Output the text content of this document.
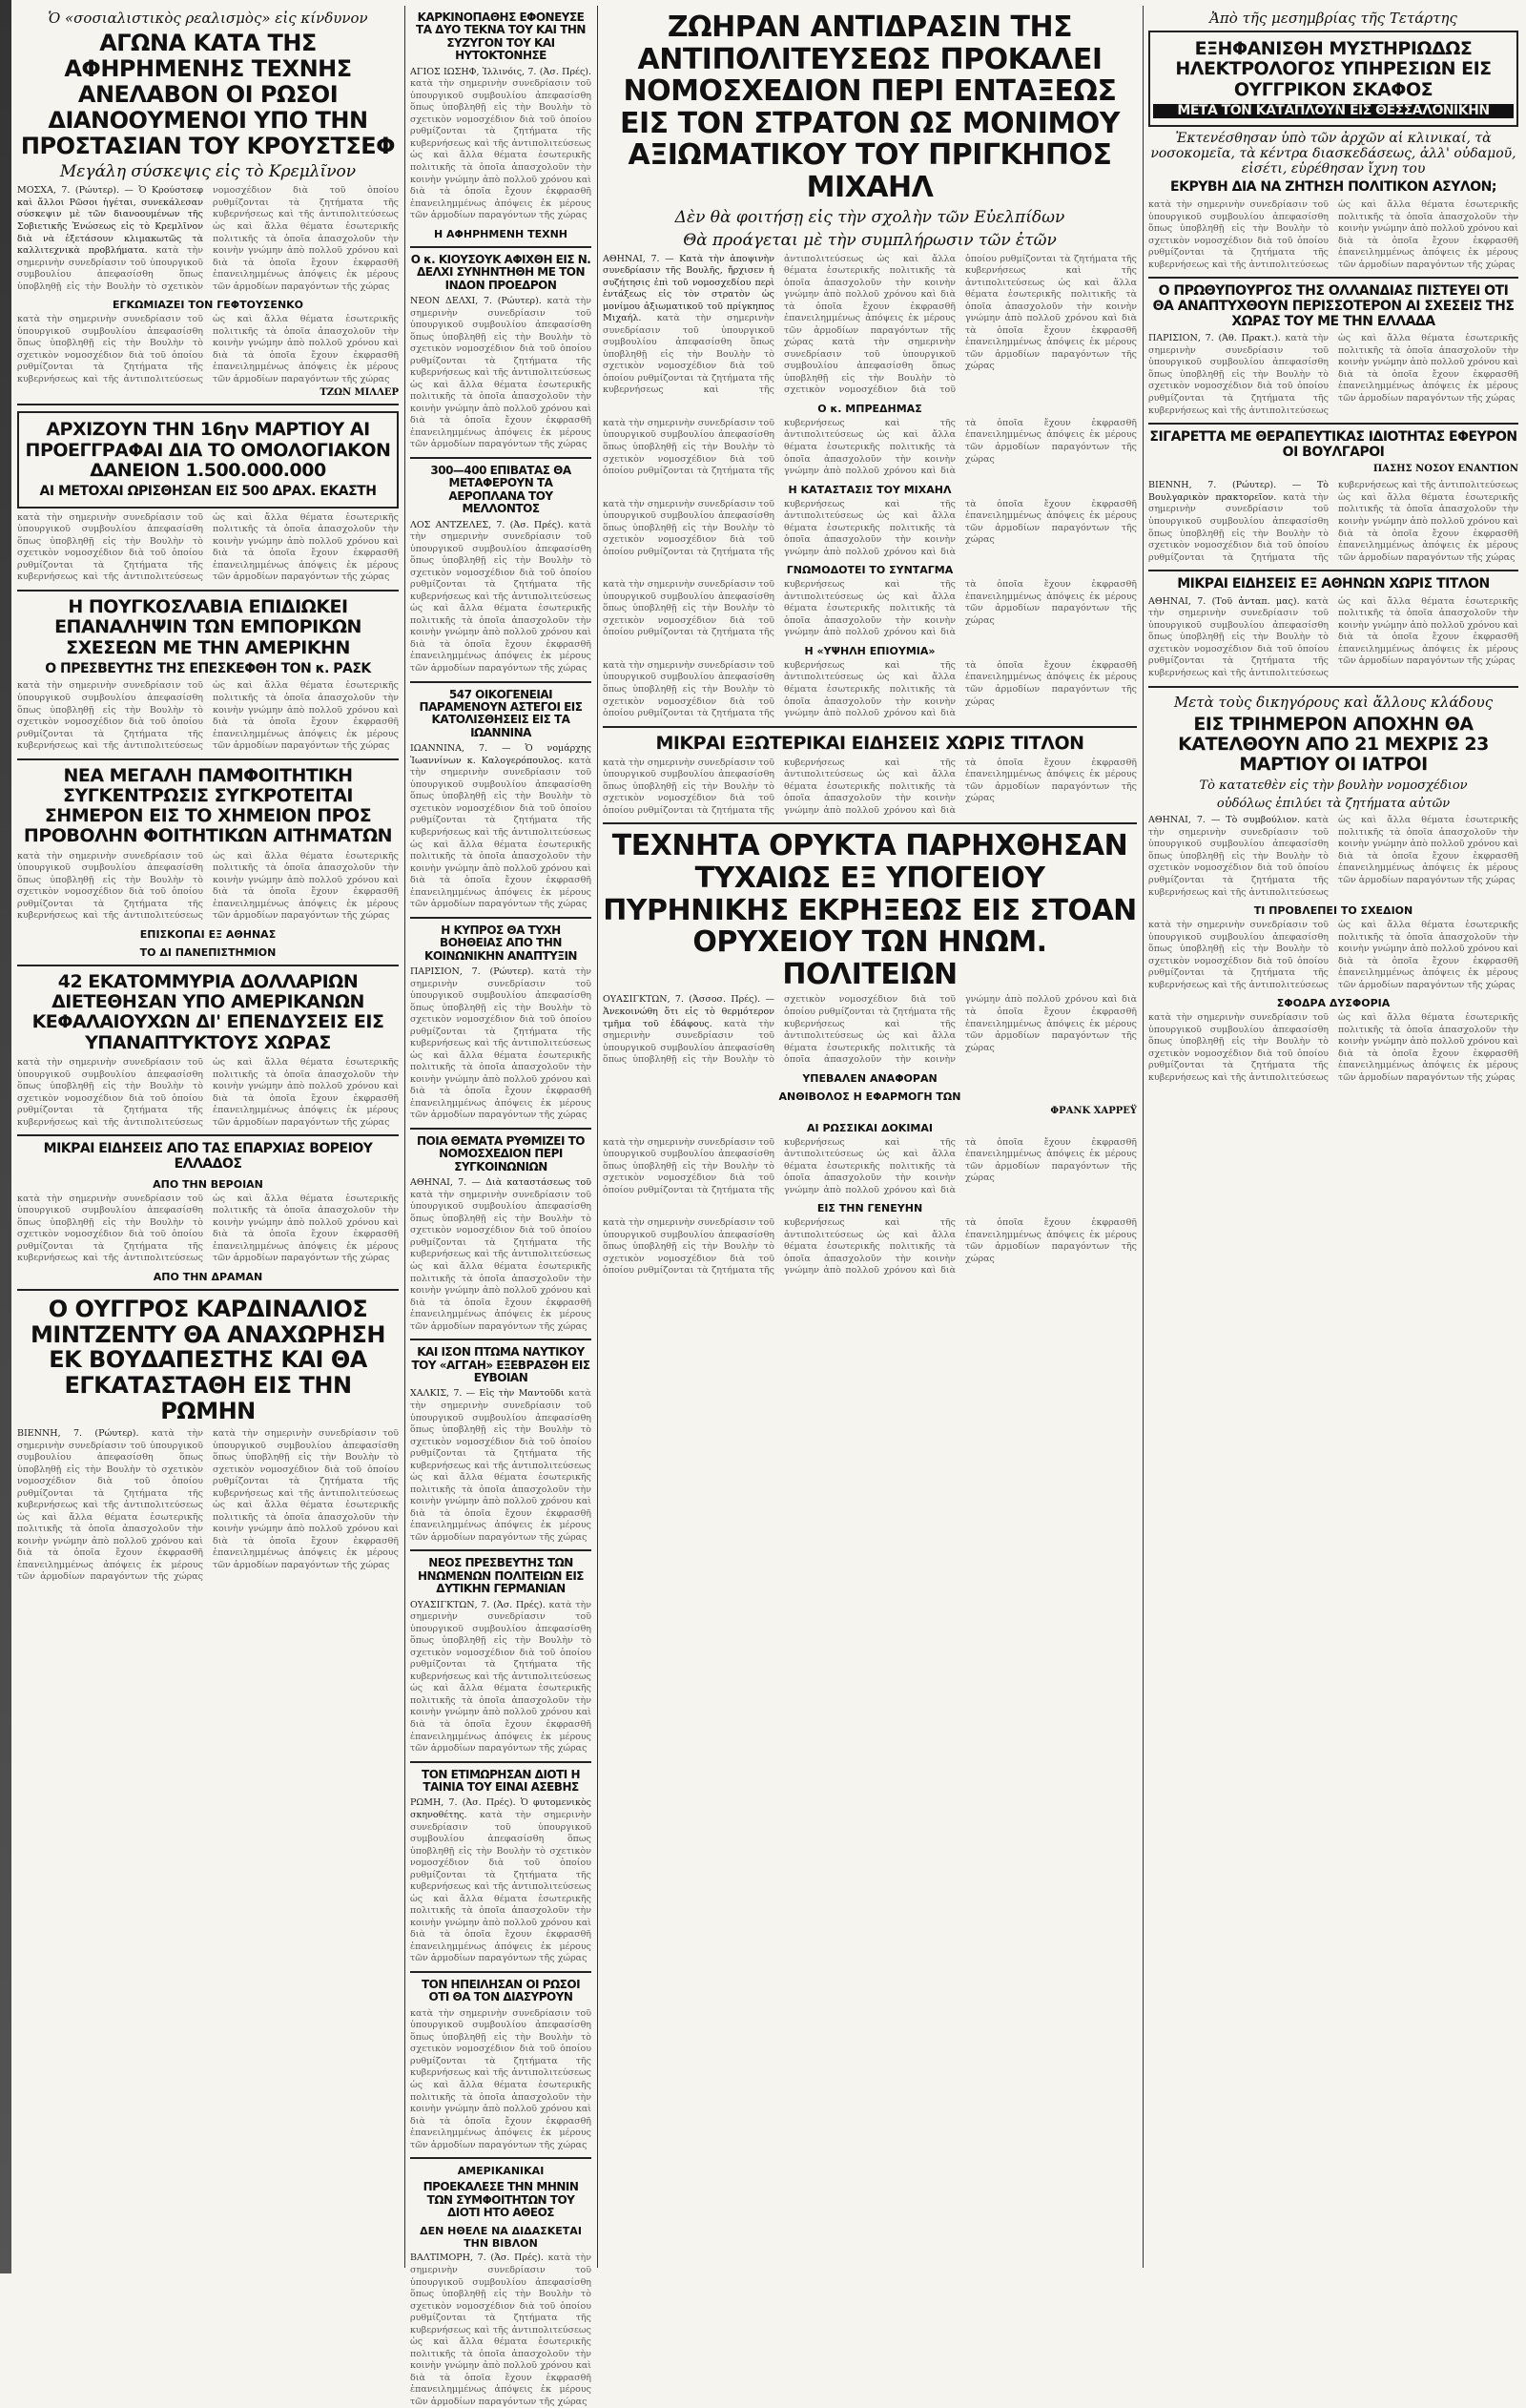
Ὁ «σοσιαλιστικὸς ρεαλισμὸς» εἰς κίνδυνον
ΑΓΩΝΑ ΚΑΤΑ ΤΗΣ ΑΦΗΡΗΜΕΝΗΣ ΤΕΧΝΗΣ ΑΝΕΛΑΒΟΝ ΟΙ ΡΩΣΟΙ ΔΙΑΝΟΟΥΜΕΝΟΙ ΥΠΟ ΤΗΝ ΠΡΟΣΤΑΣΙΑΝ ΤΟΥ ΚΡΟΥΣΤΣΕΦ
Μεγάλη σύσκεψις εἰς τὸ Κρεμλῖνον

ΜΟΣΧΑ, 7. (Ρώυτερ). — Ὁ Κρούστσεφ καὶ ἄλλοι Ρῶσοι ἡγέται, συνεκάλεσαν σύσκεψιν μὲ τῶν διανοουμένων τῆς Σοβιετικῆς Ἑνώσεως εἰς τὸ Κρεμλῖνον διὰ νὰ ἐξετάσουν κλιμακωτῶς τὰ καλλιτεχνικὰ προβλήματα. κατὰ τὴν σημερινὴν συνεδρίασιν τοῦ ὑπουργικοῦ συμβουλίου ἀπεφασίσθη ὅπως ὑποβληθῇ εἰς τὴν Βουλὴν τὸ σχετικὸν νομοσχέδιον διὰ τοῦ ὁποίου ρυθμίζονται τὰ ζητήματα τῆς κυβερνήσεως καὶ τῆς ἀντιπολιτεύσεως ὡς καὶ ἄλλα θέματα ἐσωτερικῆς πολιτικῆς τὰ ὁποῖα ἀπασχολοῦν τὴν κοινὴν γνώμην ἀπὸ πολλοῦ χρόνου καὶ διὰ τὰ ὁποῖα ἔχουν ἐκφρασθῆ ἐπανειλημμένως ἀπόψεις ἐκ μέρους τῶν ἁρμοδίων παραγόντων τῆς χώρας

ΕΓΚΩΜΙΑΖΕΙ ΤΟΝ ΓΕΦΤΟΥΣΕΝΚΟ

κατὰ τὴν σημερινὴν συνεδρίασιν τοῦ ὑπουργικοῦ συμβουλίου ἀπεφασίσθη ὅπως ὑποβληθῇ εἰς τὴν Βουλὴν τὸ σχετικὸν νομοσχέδιον διὰ τοῦ ὁποίου ρυθμίζονται τὰ ζητήματα τῆς κυβερνήσεως καὶ τῆς ἀντιπολιτεύσεως ὡς καὶ ἄλλα θέματα ἐσωτερικῆς πολιτικῆς τὰ ὁποῖα ἀπασχολοῦν τὴν κοινὴν γνώμην ἀπὸ πολλοῦ χρόνου καὶ διὰ τὰ ὁποῖα ἔχουν ἐκφρασθῆ ἐπανειλημμένως ἀπόψεις ἐκ μέρους τῶν ἁρμοδίων παραγόντων τῆς χώρας

ΤΖΩΝ ΜΙΛΛΕΡ
ΑΡΧΙΖΟΥΝ ΤΗΝ 16ην ΜΑΡΤΙΟΥ ΑΙ ΠΡΟΕΓΓΡΑΦΑΙ ΔΙΑ ΤΟ ΟΜΟΛΟΓΙΑΚΟΝ ΔΑΝΕΙΟΝ 1.500.000.000
ΑΙ ΜΕΤΟΧΑΙ ΩΡΙΣΘΗΣΑΝ ΕΙΣ 500 ΔΡΑΧ. ΕΚΑΣΤΗ

κατὰ τὴν σημερινὴν συνεδρίασιν τοῦ ὑπουργικοῦ συμβουλίου ἀπεφασίσθη ὅπως ὑποβληθῇ εἰς τὴν Βουλὴν τὸ σχετικὸν νομοσχέδιον διὰ τοῦ ὁποίου ρυθμίζονται τὰ ζητήματα τῆς κυβερνήσεως καὶ τῆς ἀντιπολιτεύσεως ὡς καὶ ἄλλα θέματα ἐσωτερικῆς πολιτικῆς τὰ ὁποῖα ἀπασχολοῦν τὴν κοινὴν γνώμην ἀπὸ πολλοῦ χρόνου καὶ διὰ τὰ ὁποῖα ἔχουν ἐκφρασθῆ ἐπανειλημμένως ἀπόψεις ἐκ μέρους τῶν ἁρμοδίων παραγόντων τῆς χώρας

Η ΠΟΥΓΚΟΣΛΑΒΙΑ ΕΠΙΔΙΩΚΕΙ ΕΠΑΝΑΛΗΨΙΝ ΤΩΝ ΕΜΠΟΡΙΚΩΝ ΣΧΕΣΕΩΝ ΜΕ ΤΗΝ ΑΜΕΡΙΚΗΝ
Ο ΠΡΕΣΒΕΥΤΗΣ ΤΗΣ ΕΠΕΣΚΕΦΘΗ ΤΟΝ κ. ΡΑΣΚ

κατὰ τὴν σημερινὴν συνεδρίασιν τοῦ ὑπουργικοῦ συμβουλίου ἀπεφασίσθη ὅπως ὑποβληθῇ εἰς τὴν Βουλὴν τὸ σχετικὸν νομοσχέδιον διὰ τοῦ ὁποίου ρυθμίζονται τὰ ζητήματα τῆς κυβερνήσεως καὶ τῆς ἀντιπολιτεύσεως ὡς καὶ ἄλλα θέματα ἐσωτερικῆς πολιτικῆς τὰ ὁποῖα ἀπασχολοῦν τὴν κοινὴν γνώμην ἀπὸ πολλοῦ χρόνου καὶ διὰ τὰ ὁποῖα ἔχουν ἐκφρασθῆ ἐπανειλημμένως ἀπόψεις ἐκ μέρους τῶν ἁρμοδίων παραγόντων τῆς χώρας

ΝΕΑ ΜΕΓΑΛΗ ΠΑΜΦΟΙΤΗΤΙΚΗ ΣΥΓΚΕΝΤΡΩΣΙΣ ΣΥΓΚΡΟΤΕΙΤΑΙ ΣΗΜΕΡΟΝ ΕΙΣ ΤΟ ΧΗΜΕΙΟΝ ΠΡΟΣ ΠΡΟΒΟΛΗΝ ΦΟΙΤΗΤΙΚΩΝ ΑΙΤΗΜΑΤΩΝ

κατὰ τὴν σημερινὴν συνεδρίασιν τοῦ ὑπουργικοῦ συμβουλίου ἀπεφασίσθη ὅπως ὑποβληθῇ εἰς τὴν Βουλὴν τὸ σχετικὸν νομοσχέδιον διὰ τοῦ ὁποίου ρυθμίζονται τὰ ζητήματα τῆς κυβερνήσεως καὶ τῆς ἀντιπολιτεύσεως ὡς καὶ ἄλλα θέματα ἐσωτερικῆς πολιτικῆς τὰ ὁποῖα ἀπασχολοῦν τὴν κοινὴν γνώμην ἀπὸ πολλοῦ χρόνου καὶ διὰ τὰ ὁποῖα ἔχουν ἐκφρασθῆ ἐπανειλημμένως ἀπόψεις ἐκ μέρους τῶν ἁρμοδίων παραγόντων τῆς χώρας

ΕΠΙΣΚΟΠΑΙ ΕΞ ΑΘΗΝΑΣ
ΤΟ ΔΙ ΠΑΝΕΠΙΣΤΗΜΙΟΝ
42 ΕΚΑΤΟΜΜΥΡΙΑ ΔΟΛΛΑΡΙΩΝ ΔΙΕΤΕΘΗΣΑΝ ΥΠΟ ΑΜΕΡΙΚΑΝΩΝ ΚΕΦΑΛΑΙΟΥΧΩΝ ΔΙ' ΕΠΕΝΔΥΣΕΙΣ ΕΙΣ ΥΠΑΝΑΠΤΥΚΤΟΥΣ ΧΩΡΑΣ

κατὰ τὴν σημερινὴν συνεδρίασιν τοῦ ὑπουργικοῦ συμβουλίου ἀπεφασίσθη ὅπως ὑποβληθῇ εἰς τὴν Βουλὴν τὸ σχετικὸν νομοσχέδιον διὰ τοῦ ὁποίου ρυθμίζονται τὰ ζητήματα τῆς κυβερνήσεως καὶ τῆς ἀντιπολιτεύσεως ὡς καὶ ἄλλα θέματα ἐσωτερικῆς πολιτικῆς τὰ ὁποῖα ἀπασχολοῦν τὴν κοινὴν γνώμην ἀπὸ πολλοῦ χρόνου καὶ διὰ τὰ ὁποῖα ἔχουν ἐκφρασθῆ ἐπανειλημμένως ἀπόψεις ἐκ μέρους τῶν ἁρμοδίων παραγόντων τῆς χώρας

ΜΙΚΡΑΙ ΕΙΔΗΣΕΙΣ ΑΠΟ ΤΑΣ ΕΠΑΡΧΙΑΣ ΒΟΡΕΙΟΥ ΕΛΛΑΔΟΣ
ΑΠΟ ΤΗΝ ΒΕΡΟΙΑΝ

κατὰ τὴν σημερινὴν συνεδρίασιν τοῦ ὑπουργικοῦ συμβουλίου ἀπεφασίσθη ὅπως ὑποβληθῇ εἰς τὴν Βουλὴν τὸ σχετικὸν νομοσχέδιον διὰ τοῦ ὁποίου ρυθμίζονται τὰ ζητήματα τῆς κυβερνήσεως καὶ τῆς ἀντιπολιτεύσεως ὡς καὶ ἄλλα θέματα ἐσωτερικῆς πολιτικῆς τὰ ὁποῖα ἀπασχολοῦν τὴν κοινὴν γνώμην ἀπὸ πολλοῦ χρόνου καὶ διὰ τὰ ὁποῖα ἔχουν ἐκφρασθῆ ἐπανειλημμένως ἀπόψεις ἐκ μέρους τῶν ἁρμοδίων παραγόντων τῆς χώρας

ΑΠΟ ΤΗΝ ΔΡΑΜΑΝ
Ο ΟΥΓΓΡΟΣ ΚΑΡΔΙΝΑΛΙΟΣ ΜΙΝΤΖΕΝΤΥ ΘΑ ΑΝΑΧΩΡΗΣΗ ΕΚ ΒΟΥΔΑΠΕΣΤΗΣ ΚΑΙ ΘΑ ΕΓΚΑΤΑΣΤΑΘΗ ΕΙΣ ΤΗΝ ΡΩΜΗΝ

ΒΙΕΝΝΗ, 7. (Ρώυτερ). κατὰ τὴν σημερινὴν συνεδρίασιν τοῦ ὑπουργικοῦ συμβουλίου ἀπεφασίσθη ὅπως ὑποβληθῇ εἰς τὴν Βουλὴν τὸ σχετικὸν νομοσχέδιον διὰ τοῦ ὁποίου ρυθμίζονται τὰ ζητήματα τῆς κυβερνήσεως καὶ τῆς ἀντιπολιτεύσεως ὡς καὶ ἄλλα θέματα ἐσωτερικῆς πολιτικῆς τὰ ὁποῖα ἀπασχολοῦν τὴν κοινὴν γνώμην ἀπὸ πολλοῦ χρόνου καὶ διὰ τὰ ὁποῖα ἔχουν ἐκφρασθῆ ἐπανειλημμένως ἀπόψεις ἐκ μέρους τῶν ἁρμοδίων παραγόντων τῆς χώρας κατὰ τὴν σημερινὴν συνεδρίασιν τοῦ ὑπουργικοῦ συμβουλίου ἀπεφασίσθη ὅπως ὑποβληθῇ εἰς τὴν Βουλὴν τὸ σχετικὸν νομοσχέδιον διὰ τοῦ ὁποίου ρυθμίζονται τὰ ζητήματα τῆς κυβερνήσεως καὶ τῆς ἀντιπολιτεύσεως ὡς καὶ ἄλλα θέματα ἐσωτερικῆς πολιτικῆς τὰ ὁποῖα ἀπασχολοῦν τὴν κοινὴν γνώμην ἀπὸ πολλοῦ χρόνου καὶ διὰ τὰ ὁποῖα ἔχουν ἐκφρασθῆ ἐπανειλημμένως ἀπόψεις ἐκ μέρους τῶν ἁρμοδίων παραγόντων τῆς χώρας

ΚΑΡΚΙΝΟΠΑΘΗΣ ΕΦΟΝΕΥΣΕ ΤΑ ΔΥΟ ΤΕΚΝΑ ΤΟΥ ΚΑΙ ΤΗΝ ΣΥΖΥΓΟΝ ΤΟΥ ΚΑΙ ΗΥΤΟΚΤΟΝΗΣΕ

ΑΓΙΟΣ ΙΩΣΗΦ, Ἰλλινόις, 7. (Ἀσ. Πρές). κατὰ τὴν σημερινὴν συνεδρίασιν τοῦ ὑπουργικοῦ συμβουλίου ἀπεφασίσθη ὅπως ὑποβληθῇ εἰς τὴν Βουλὴν τὸ σχετικὸν νομοσχέδιον διὰ τοῦ ὁποίου ρυθμίζονται τὰ ζητήματα τῆς κυβερνήσεως καὶ τῆς ἀντιπολιτεύσεως ὡς καὶ ἄλλα θέματα ἐσωτερικῆς πολιτικῆς τὰ ὁποῖα ἀπασχολοῦν τὴν κοινὴν γνώμην ἀπὸ πολλοῦ χρόνου καὶ διὰ τὰ ὁποῖα ἔχουν ἐκφρασθῆ ἐπανειλημμένως ἀπόψεις ἐκ μέρους τῶν ἁρμοδίων παραγόντων τῆς χώρας

Η ΑΦΗΡΗΜΕΝΗ ΤΕΧΝΗ
Ο κ. ΚΙΟΥΣΟΥΚ ΑΦΙΧΘΗ ΕΙΣ Ν. ΔΕΛΧΙ ΣΥΝΗΝΤΗΘΗ ΜΕ ΤΟΝ ΙΝΔΟΝ ΠΡΟΕΔΡΟΝ

ΝΕΟΝ ΔΕΛΧΙ, 7. (Ρώυτερ). κατὰ τὴν σημερινὴν συνεδρίασιν τοῦ ὑπουργικοῦ συμβουλίου ἀπεφασίσθη ὅπως ὑποβληθῇ εἰς τὴν Βουλὴν τὸ σχετικὸν νομοσχέδιον διὰ τοῦ ὁποίου ρυθμίζονται τὰ ζητήματα τῆς κυβερνήσεως καὶ τῆς ἀντιπολιτεύσεως ὡς καὶ ἄλλα θέματα ἐσωτερικῆς πολιτικῆς τὰ ὁποῖα ἀπασχολοῦν τὴν κοινὴν γνώμην ἀπὸ πολλοῦ χρόνου καὶ διὰ τὰ ὁποῖα ἔχουν ἐκφρασθῆ ἐπανειλημμένως ἀπόψεις ἐκ μέρους τῶν ἁρμοδίων παραγόντων τῆς χώρας

300—400 ΕΠΙΒΑΤΑΣ ΘΑ ΜΕΤΑΦΕΡΟΥΝ ΤΑ ΑΕΡΟΠΛΑΝΑ ΤΟΥ ΜΕΛΛΟΝΤΟΣ

ΛΟΣ ΑΝΤΖΕΛΕΣ, 7. (Ἀσ. Πρές). κατὰ τὴν σημερινὴν συνεδρίασιν τοῦ ὑπουργικοῦ συμβουλίου ἀπεφασίσθη ὅπως ὑποβληθῇ εἰς τὴν Βουλὴν τὸ σχετικὸν νομοσχέδιον διὰ τοῦ ὁποίου ρυθμίζονται τὰ ζητήματα τῆς κυβερνήσεως καὶ τῆς ἀντιπολιτεύσεως ὡς καὶ ἄλλα θέματα ἐσωτερικῆς πολιτικῆς τὰ ὁποῖα ἀπασχολοῦν τὴν κοινὴν γνώμην ἀπὸ πολλοῦ χρόνου καὶ διὰ τὰ ὁποῖα ἔχουν ἐκφρασθῆ ἐπανειλημμένως ἀπόψεις ἐκ μέρους τῶν ἁρμοδίων παραγόντων τῆς χώρας

547 ΟΙΚΟΓΕΝΕΙΑΙ ΠΑΡΑΜΕΝΟΥΝ ΑΣΤΕΓΟΙ ΕΙΣ ΚΑΤΟΛΙΣΘΗΣΕΙΣ ΕΙΣ ΤΑ ΙΩΑΝΝΙΝΑ

ΙΩΑΝΝΙΝΑ, 7. — Ὁ νομάρχης Ἰωαννίνων κ. Καλογερόπουλος. κατὰ τὴν σημερινὴν συνεδρίασιν τοῦ ὑπουργικοῦ συμβουλίου ἀπεφασίσθη ὅπως ὑποβληθῇ εἰς τὴν Βουλὴν τὸ σχετικὸν νομοσχέδιον διὰ τοῦ ὁποίου ρυθμίζονται τὰ ζητήματα τῆς κυβερνήσεως καὶ τῆς ἀντιπολιτεύσεως ὡς καὶ ἄλλα θέματα ἐσωτερικῆς πολιτικῆς τὰ ὁποῖα ἀπασχολοῦν τὴν κοινὴν γνώμην ἀπὸ πολλοῦ χρόνου καὶ διὰ τὰ ὁποῖα ἔχουν ἐκφρασθῆ ἐπανειλημμένως ἀπόψεις ἐκ μέρους τῶν ἁρμοδίων παραγόντων τῆς χώρας

Η ΚΥΠΡΟΣ ΘΑ ΤΥΧΗ ΒΟΗΘΕΙΑΣ ΑΠΟ ΤΗΝ ΚΟΙΝΩΝΙΚΗΝ ΑΝΑΠΤΥΞΙΝ

ΠΑΡΙΣΙΟΝ, 7. (Ρώυτερ). κατὰ τὴν σημερινὴν συνεδρίασιν τοῦ ὑπουργικοῦ συμβουλίου ἀπεφασίσθη ὅπως ὑποβληθῇ εἰς τὴν Βουλὴν τὸ σχετικὸν νομοσχέδιον διὰ τοῦ ὁποίου ρυθμίζονται τὰ ζητήματα τῆς κυβερνήσεως καὶ τῆς ἀντιπολιτεύσεως ὡς καὶ ἄλλα θέματα ἐσωτερικῆς πολιτικῆς τὰ ὁποῖα ἀπασχολοῦν τὴν κοινὴν γνώμην ἀπὸ πολλοῦ χρόνου καὶ διὰ τὰ ὁποῖα ἔχουν ἐκφρασθῆ ἐπανειλημμένως ἀπόψεις ἐκ μέρους τῶν ἁρμοδίων παραγόντων τῆς χώρας

ΠΟΙΑ ΘΕΜΑΤΑ ΡΥΘΜΙΖΕΙ ΤΟ ΝΟΜΟΣΧΕΔΙΟΝ ΠΕΡΙ ΣΥΓΚΟΙΝΩΝΙΩΝ

ΑΘΗΝΑΙ, 7. — Διὰ καταστάσεως τοῦ κατὰ τὴν σημερινὴν συνεδρίασιν τοῦ ὑπουργικοῦ συμβουλίου ἀπεφασίσθη ὅπως ὑποβληθῇ εἰς τὴν Βουλὴν τὸ σχετικὸν νομοσχέδιον διὰ τοῦ ὁποίου ρυθμίζονται τὰ ζητήματα τῆς κυβερνήσεως καὶ τῆς ἀντιπολιτεύσεως ὡς καὶ ἄλλα θέματα ἐσωτερικῆς πολιτικῆς τὰ ὁποῖα ἀπασχολοῦν τὴν κοινὴν γνώμην ἀπὸ πολλοῦ χρόνου καὶ διὰ τὰ ὁποῖα ἔχουν ἐκφρασθῆ ἐπανειλημμένως ἀπόψεις ἐκ μέρους τῶν ἁρμοδίων παραγόντων τῆς χώρας

ΚΑΙ ΙΣΟΝ ΠΤΩΜΑ ΝΑΥΤΙΚΟΥ ΤΟΥ «ΑΓΓΑΗ» ΕΞΕΒΡΑΣΘΗ ΕΙΣ ΕΥΒΟΙΑΝ

ΧΑΛΚΙΣ, 7. — Εἰς τὴν Μαντοῦδι κατὰ τὴν σημερινὴν συνεδρίασιν τοῦ ὑπουργικοῦ συμβουλίου ἀπεφασίσθη ὅπως ὑποβληθῇ εἰς τὴν Βουλὴν τὸ σχετικὸν νομοσχέδιον διὰ τοῦ ὁποίου ρυθμίζονται τὰ ζητήματα τῆς κυβερνήσεως καὶ τῆς ἀντιπολιτεύσεως ὡς καὶ ἄλλα θέματα ἐσωτερικῆς πολιτικῆς τὰ ὁποῖα ἀπασχολοῦν τὴν κοινὴν γνώμην ἀπὸ πολλοῦ χρόνου καὶ διὰ τὰ ὁποῖα ἔχουν ἐκφρασθῆ ἐπανειλημμένως ἀπόψεις ἐκ μέρους τῶν ἁρμοδίων παραγόντων τῆς χώρας

ΝΕΟΣ ΠΡΕΣΒΕΥΤΗΣ ΤΩΝ ΗΝΩΜΕΝΩΝ ΠΟΛΙΤΕΙΩΝ ΕΙΣ ΔΥΤΙΚΗΝ ΓΕΡΜΑΝΙΑΝ

ΟΥΑΣΙΓΚΤΩΝ, 7. (Ἀσ. Πρές). κατὰ τὴν σημερινὴν συνεδρίασιν τοῦ ὑπουργικοῦ συμβουλίου ἀπεφασίσθη ὅπως ὑποβληθῇ εἰς τὴν Βουλὴν τὸ σχετικὸν νομοσχέδιον διὰ τοῦ ὁποίου ρυθμίζονται τὰ ζητήματα τῆς κυβερνήσεως καὶ τῆς ἀντιπολιτεύσεως ὡς καὶ ἄλλα θέματα ἐσωτερικῆς πολιτικῆς τὰ ὁποῖα ἀπασχολοῦν τὴν κοινὴν γνώμην ἀπὸ πολλοῦ χρόνου καὶ διὰ τὰ ὁποῖα ἔχουν ἐκφρασθῆ ἐπανειλημμένως ἀπόψεις ἐκ μέρους τῶν ἁρμοδίων παραγόντων τῆς χώρας

ΤΟΝ ΕΤΙΜΩΡΗΣΑΝ ΔΙΟΤΙ Η ΤΑΙΝΙΑ ΤΟΥ ΕΙΝΑΙ ΑΣΕΒΗΣ

ΡΩΜΗ, 7. (Ἀσ. Πρές). Ὁ φυτομενικὸς σκηνοθέτης. κατὰ τὴν σημερινὴν συνεδρίασιν τοῦ ὑπουργικοῦ συμβουλίου ἀπεφασίσθη ὅπως ὑποβληθῇ εἰς τὴν Βουλὴν τὸ σχετικὸν νομοσχέδιον διὰ τοῦ ὁποίου ρυθμίζονται τὰ ζητήματα τῆς κυβερνήσεως καὶ τῆς ἀντιπολιτεύσεως ὡς καὶ ἄλλα θέματα ἐσωτερικῆς πολιτικῆς τὰ ὁποῖα ἀπασχολοῦν τὴν κοινὴν γνώμην ἀπὸ πολλοῦ χρόνου καὶ διὰ τὰ ὁποῖα ἔχουν ἐκφρασθῆ ἐπανειλημμένως ἀπόψεις ἐκ μέρους τῶν ἁρμοδίων παραγόντων τῆς χώρας

ΤΟΝ ΗΠΕΙΛΗΣΑΝ ΟΙ ΡΩΣΟΙ ΟΤΙ ΘΑ ΤΟΝ ΔΙΑΣΥΡΟΥΝ

κατὰ τὴν σημερινὴν συνεδρίασιν τοῦ ὑπουργικοῦ συμβουλίου ἀπεφασίσθη ὅπως ὑποβληθῇ εἰς τὴν Βουλὴν τὸ σχετικὸν νομοσχέδιον διὰ τοῦ ὁποίου ρυθμίζονται τὰ ζητήματα τῆς κυβερνήσεως καὶ τῆς ἀντιπολιτεύσεως ὡς καὶ ἄλλα θέματα ἐσωτερικῆς πολιτικῆς τὰ ὁποῖα ἀπασχολοῦν τὴν κοινὴν γνώμην ἀπὸ πολλοῦ χρόνου καὶ διὰ τὰ ὁποῖα ἔχουν ἐκφρασθῆ ἐπανειλημμένως ἀπόψεις ἐκ μέρους τῶν ἁρμοδίων παραγόντων τῆς χώρας

ΑΜΕΡΙΚΑΝΙΚΑΙ
ΠΡΟΕΚΑΛΕΣΕ ΤΗΝ ΜΗΝΙΝ ΤΩΝ ΣΥΜΦΟΙΤΗΤΩΝ ΤΟΥ ΔΙΟΤΙ ΗΤΟ ΑΘΕΟΣ
ΔΕΝ ΗΘΕΛΕ ΝΑ ΔΙΔΑΣΚΕΤΑΙ ΤΗΝ ΒΙΒΛΟΝ

ΒΑΛΤΙΜΟΡΗ, 7. (Ἀσ. Πρές). κατὰ τὴν σημερινὴν συνεδρίασιν τοῦ ὑπουργικοῦ συμβουλίου ἀπεφασίσθη ὅπως ὑποβληθῇ εἰς τὴν Βουλὴν τὸ σχετικὸν νομοσχέδιον διὰ τοῦ ὁποίου ρυθμίζονται τὰ ζητήματα τῆς κυβερνήσεως καὶ τῆς ἀντιπολιτεύσεως ὡς καὶ ἄλλα θέματα ἐσωτερικῆς πολιτικῆς τὰ ὁποῖα ἀπασχολοῦν τὴν κοινὴν γνώμην ἀπὸ πολλοῦ χρόνου καὶ διὰ τὰ ὁποῖα ἔχουν ἐκφρασθῆ ἐπανειλημμένως ἀπόψεις ἐκ μέρους τῶν ἁρμοδίων παραγόντων τῆς χώρας

ΖΩΗΡΑΝ ΑΝΤΙΔΡΑΣΙΝ ΤΗΣ ΑΝΤΙΠΟΛΙΤΕΥΣΕΩΣ ΠΡΟΚΑΛΕΙ ΝΟΜΟΣΧΕΔΙΟΝ ΠΕΡΙ ΕΝΤΑΞΕΩΣ ΕΙΣ ΤΟΝ ΣΤΡΑΤΟΝ ΩΣ ΜΟΝΙΜΟΥ ΑΞΙΩΜΑΤΙΚΟΥ ΤΟΥ ΠΡΙΓΚΗΠΟΣ ΜΙΧΑΗΛ
Δὲν θὰ φοιτήσῃ εἰς τὴν σχολὴν τῶν Εὐελπίδων
Θὰ προάγεται μὲ τὴν συμπλήρωσιν τῶν ἐτῶν

ΑΘΗΝΑΙ, 7. — Κατὰ τὴν ἀποψινὴν συνεδρίασιν τῆς Βουλῆς, ἤρχισεν ἡ συζήτησις ἐπὶ τοῦ νομοσχεδίου περὶ ἐντάξεως εἰς τὸν στρατὸν ὡς μονίμου ἀξιωματικοῦ τοῦ πρίγκηπος Μιχαήλ. κατὰ τὴν σημερινὴν συνεδρίασιν τοῦ ὑπουργικοῦ συμβουλίου ἀπεφασίσθη ὅπως ὑποβληθῇ εἰς τὴν Βουλὴν τὸ σχετικὸν νομοσχέδιον διὰ τοῦ ὁποίου ρυθμίζονται τὰ ζητήματα τῆς κυβερνήσεως καὶ τῆς ἀντιπολιτεύσεως ὡς καὶ ἄλλα θέματα ἐσωτερικῆς πολιτικῆς τὰ ὁποῖα ἀπασχολοῦν τὴν κοινὴν γνώμην ἀπὸ πολλοῦ χρόνου καὶ διὰ τὰ ὁποῖα ἔχουν ἐκφρασθῆ ἐπανειλημμένως ἀπόψεις ἐκ μέρους τῶν ἁρμοδίων παραγόντων τῆς χώρας κατὰ τὴν σημερινὴν συνεδρίασιν τοῦ ὑπουργικοῦ συμβουλίου ἀπεφασίσθη ὅπως ὑποβληθῇ εἰς τὴν Βουλὴν τὸ σχετικὸν νομοσχέδιον διὰ τοῦ ὁποίου ρυθμίζονται τὰ ζητήματα τῆς κυβερνήσεως καὶ τῆς ἀντιπολιτεύσεως ὡς καὶ ἄλλα θέματα ἐσωτερικῆς πολιτικῆς τὰ ὁποῖα ἀπασχολοῦν τὴν κοινὴν γνώμην ἀπὸ πολλοῦ χρόνου καὶ διὰ τὰ ὁποῖα ἔχουν ἐκφρασθῆ ἐπανειλημμένως ἀπόψεις ἐκ μέρους τῶν ἁρμοδίων παραγόντων τῆς χώρας

Ο κ. ΜΠΡΕΔΗΜΑΣ

κατὰ τὴν σημερινὴν συνεδρίασιν τοῦ ὑπουργικοῦ συμβουλίου ἀπεφασίσθη ὅπως ὑποβληθῇ εἰς τὴν Βουλὴν τὸ σχετικὸν νομοσχέδιον διὰ τοῦ ὁποίου ρυθμίζονται τὰ ζητήματα τῆς κυβερνήσεως καὶ τῆς ἀντιπολιτεύσεως ὡς καὶ ἄλλα θέματα ἐσωτερικῆς πολιτικῆς τὰ ὁποῖα ἀπασχολοῦν τὴν κοινὴν γνώμην ἀπὸ πολλοῦ χρόνου καὶ διὰ τὰ ὁποῖα ἔχουν ἐκφρασθῆ ἐπανειλημμένως ἀπόψεις ἐκ μέρους τῶν ἁρμοδίων παραγόντων τῆς χώρας

Η ΚΑΤΑΣΤΑΣΙΣ ΤΟΥ ΜΙΧΑΗΛ

κατὰ τὴν σημερινὴν συνεδρίασιν τοῦ ὑπουργικοῦ συμβουλίου ἀπεφασίσθη ὅπως ὑποβληθῇ εἰς τὴν Βουλὴν τὸ σχετικὸν νομοσχέδιον διὰ τοῦ ὁποίου ρυθμίζονται τὰ ζητήματα τῆς κυβερνήσεως καὶ τῆς ἀντιπολιτεύσεως ὡς καὶ ἄλλα θέματα ἐσωτερικῆς πολιτικῆς τὰ ὁποῖα ἀπασχολοῦν τὴν κοινὴν γνώμην ἀπὸ πολλοῦ χρόνου καὶ διὰ τὰ ὁποῖα ἔχουν ἐκφρασθῆ ἐπανειλημμένως ἀπόψεις ἐκ μέρους τῶν ἁρμοδίων παραγόντων τῆς χώρας

ΓΝΩΜΟΔΟΤΕΙ ΤΟ ΣΥΝΤΑΓΜΑ

κατὰ τὴν σημερινὴν συνεδρίασιν τοῦ ὑπουργικοῦ συμβουλίου ἀπεφασίσθη ὅπως ὑποβληθῇ εἰς τὴν Βουλὴν τὸ σχετικὸν νομοσχέδιον διὰ τοῦ ὁποίου ρυθμίζονται τὰ ζητήματα τῆς κυβερνήσεως καὶ τῆς ἀντιπολιτεύσεως ὡς καὶ ἄλλα θέματα ἐσωτερικῆς πολιτικῆς τὰ ὁποῖα ἀπασχολοῦν τὴν κοινὴν γνώμην ἀπὸ πολλοῦ χρόνου καὶ διὰ τὰ ὁποῖα ἔχουν ἐκφρασθῆ ἐπανειλημμένως ἀπόψεις ἐκ μέρους τῶν ἁρμοδίων παραγόντων τῆς χώρας

Η «ΥΨΗΛΗ ΕΠΙΟΥΜΙΑ»

κατὰ τὴν σημερινὴν συνεδρίασιν τοῦ ὑπουργικοῦ συμβουλίου ἀπεφασίσθη ὅπως ὑποβληθῇ εἰς τὴν Βουλὴν τὸ σχετικὸν νομοσχέδιον διὰ τοῦ ὁποίου ρυθμίζονται τὰ ζητήματα τῆς κυβερνήσεως καὶ τῆς ἀντιπολιτεύσεως ὡς καὶ ἄλλα θέματα ἐσωτερικῆς πολιτικῆς τὰ ὁποῖα ἀπασχολοῦν τὴν κοινὴν γνώμην ἀπὸ πολλοῦ χρόνου καὶ διὰ τὰ ὁποῖα ἔχουν ἐκφρασθῆ ἐπανειλημμένως ἀπόψεις ἐκ μέρους τῶν ἁρμοδίων παραγόντων τῆς χώρας

ΜΙΚΡΑΙ ΕΞΩΤΕΡΙΚΑΙ ΕΙΔΗΣΕΙΣ ΧΩΡΙΣ ΤΙΤΛΟΝ

κατὰ τὴν σημερινὴν συνεδρίασιν τοῦ ὑπουργικοῦ συμβουλίου ἀπεφασίσθη ὅπως ὑποβληθῇ εἰς τὴν Βουλὴν τὸ σχετικὸν νομοσχέδιον διὰ τοῦ ὁποίου ρυθμίζονται τὰ ζητήματα τῆς κυβερνήσεως καὶ τῆς ἀντιπολιτεύσεως ὡς καὶ ἄλλα θέματα ἐσωτερικῆς πολιτικῆς τὰ ὁποῖα ἀπασχολοῦν τὴν κοινὴν γνώμην ἀπὸ πολλοῦ χρόνου καὶ διὰ τὰ ὁποῖα ἔχουν ἐκφρασθῆ ἐπανειλημμένως ἀπόψεις ἐκ μέρους τῶν ἁρμοδίων παραγόντων τῆς χώρας

ΤΕΧΝΗΤΑ ΟΡΥΚΤΑ ΠΑΡΗΧΘΗΣΑΝ ΤΥΧΑΙΩΣ ΕΞ ΥΠΟΓΕΙΟΥ ΠΥΡΗΝΙΚΗΣ ΕΚΡΗΞΕΩΣ ΕΙΣ ΣΤΟΑΝ ΟΡΥΧΕΙΟΥ ΤΩΝ ΗΝΩΜ. ΠΟΛΙΤΕΙΩΝ

ΟΥΑΣΙΓΚΤΩΝ, 7. (Ἀσσοσ. Πρές). — Ἀνεκοινώθη ὅτι εἰς τὸ θερμότερον τμῆμα τοῦ ἐδάφους. κατὰ τὴν σημερινὴν συνεδρίασιν τοῦ ὑπουργικοῦ συμβουλίου ἀπεφασίσθη ὅπως ὑποβληθῇ εἰς τὴν Βουλὴν τὸ σχετικὸν νομοσχέδιον διὰ τοῦ ὁποίου ρυθμίζονται τὰ ζητήματα τῆς κυβερνήσεως καὶ τῆς ἀντιπολιτεύσεως ὡς καὶ ἄλλα θέματα ἐσωτερικῆς πολιτικῆς τὰ ὁποῖα ἀπασχολοῦν τὴν κοινὴν γνώμην ἀπὸ πολλοῦ χρόνου καὶ διὰ τὰ ὁποῖα ἔχουν ἐκφρασθῆ ἐπανειλημμένως ἀπόψεις ἐκ μέρους τῶν ἁρμοδίων παραγόντων τῆς χώρας

ΥΠΕΒΑΛΕΝ ΑΝΑΦΟΡΑΝ
ΑΝΘΙΒΟΛΟΣ Η ΕΦΑΡΜΟΓΗ ΤΩΝ
ΦΡΑΝΚ ΧΑΡΡΕΫ
ΑΙ ΡΩΣΣΙΚΑΙ ΔΟΚΙΜΑΙ

κατὰ τὴν σημερινὴν συνεδρίασιν τοῦ ὑπουργικοῦ συμβουλίου ἀπεφασίσθη ὅπως ὑποβληθῇ εἰς τὴν Βουλὴν τὸ σχετικὸν νομοσχέδιον διὰ τοῦ ὁποίου ρυθμίζονται τὰ ζητήματα τῆς κυβερνήσεως καὶ τῆς ἀντιπολιτεύσεως ὡς καὶ ἄλλα θέματα ἐσωτερικῆς πολιτικῆς τὰ ὁποῖα ἀπασχολοῦν τὴν κοινὴν γνώμην ἀπὸ πολλοῦ χρόνου καὶ διὰ τὰ ὁποῖα ἔχουν ἐκφρασθῆ ἐπανειλημμένως ἀπόψεις ἐκ μέρους τῶν ἁρμοδίων παραγόντων τῆς χώρας

ΕΙΣ ΤΗΝ ΓΕΝΕΥΗΝ

κατὰ τὴν σημερινὴν συνεδρίασιν τοῦ ὑπουργικοῦ συμβουλίου ἀπεφασίσθη ὅπως ὑποβληθῇ εἰς τὴν Βουλὴν τὸ σχετικὸν νομοσχέδιον διὰ τοῦ ὁποίου ρυθμίζονται τὰ ζητήματα τῆς κυβερνήσεως καὶ τῆς ἀντιπολιτεύσεως ὡς καὶ ἄλλα θέματα ἐσωτερικῆς πολιτικῆς τὰ ὁποῖα ἀπασχολοῦν τὴν κοινὴν γνώμην ἀπὸ πολλοῦ χρόνου καὶ διὰ τὰ ὁποῖα ἔχουν ἐκφρασθῆ ἐπανειλημμένως ἀπόψεις ἐκ μέρους τῶν ἁρμοδίων παραγόντων τῆς χώρας

Ἀπὸ τῆς μεσημβρίας τῆς Τετάρτης
ΕΞΗΦΑΝΙΣΘΗ ΜΥΣΤΗΡΙΩΔΩΣ ΗΛΕΚΤΡΟΛΟΓΟΣ ΥΠΗΡΕΣΙΩΝ ΕΙΣ ΟΥΓΓΡΙΚΟΝ ΣΚΑΦΟΣ
ΜΕΤΑ ΤΟΝ ΚΑΤΑΠΛΟΥΝ ΕΙΣ ΘΕΣΣΑΛΟΝΙΚΗΝ
Ἐκτενέσθησαν ὑπὸ τῶν ἀρχῶν αἱ κλινικαί, τὰ νοσοκομεῖα, τὰ κέντρα διασκεδάσεως, ἀλλ' οὐδαμοῦ, εἰσέτι, εὑρέθησαν ἴχνη του
ΕΚΡΥΒΗ ΔΙΑ ΝΑ ΖΗΤΗΣΗ ΠΟΛΙΤΙΚΟΝ ΑΣΥΛΟΝ;

κατὰ τὴν σημερινὴν συνεδρίασιν τοῦ ὑπουργικοῦ συμβουλίου ἀπεφασίσθη ὅπως ὑποβληθῇ εἰς τὴν Βουλὴν τὸ σχετικὸν νομοσχέδιον διὰ τοῦ ὁποίου ρυθμίζονται τὰ ζητήματα τῆς κυβερνήσεως καὶ τῆς ἀντιπολιτεύσεως ὡς καὶ ἄλλα θέματα ἐσωτερικῆς πολιτικῆς τὰ ὁποῖα ἀπασχολοῦν τὴν κοινὴν γνώμην ἀπὸ πολλοῦ χρόνου καὶ διὰ τὰ ὁποῖα ἔχουν ἐκφρασθῆ ἐπανειλημμένως ἀπόψεις ἐκ μέρους τῶν ἁρμοδίων παραγόντων τῆς χώρας

Ο ΠΡΩΘΥΠΟΥΡΓΟΣ ΤΗΣ ΟΛΛΑΝΔΙΑΣ ΠΙΣΤΕΥΕΙ ΟΤΙ ΘΑ ΑΝΑΠΤΥΧΘΟΥΝ ΠΕΡΙΣΣΟΤΕΡΟΝ ΑΙ ΣΧΕΣΕΙΣ ΤΗΣ ΧΩΡΑΣ ΤΟΥ ΜΕ ΤΗΝ ΕΛΛΑΔΑ

ΠΑΡΙΣΙΟΝ, 7. (Ἀθ. Πρακτ.). κατὰ τὴν σημερινὴν συνεδρίασιν τοῦ ὑπουργικοῦ συμβουλίου ἀπεφασίσθη ὅπως ὑποβληθῇ εἰς τὴν Βουλὴν τὸ σχετικὸν νομοσχέδιον διὰ τοῦ ὁποίου ρυθμίζονται τὰ ζητήματα τῆς κυβερνήσεως καὶ τῆς ἀντιπολιτεύσεως ὡς καὶ ἄλλα θέματα ἐσωτερικῆς πολιτικῆς τὰ ὁποῖα ἀπασχολοῦν τὴν κοινὴν γνώμην ἀπὸ πολλοῦ χρόνου καὶ διὰ τὰ ὁποῖα ἔχουν ἐκφρασθῆ ἐπανειλημμένως ἀπόψεις ἐκ μέρους τῶν ἁρμοδίων παραγόντων τῆς χώρας

ΣΙΓΑΡΕΤΤΑ ΜΕ ΘΕΡΑΠΕΥΤΙΚΑΣ ΙΔΙΟΤΗΤΑΣ ΕΦΕΥΡΟΝ ΟΙ ΒΟΥΛΓΑΡΟΙ
ΠΑΣΗΣ ΝΟΣΟΥ ΕΝΑΝΤΙΟΝ

ΒΙΕΝΝΗ, 7. (Ρώυτερ). — Τὸ Βουλγαρικὸν πρακτορεῖον. κατὰ τὴν σημερινὴν συνεδρίασιν τοῦ ὑπουργικοῦ συμβουλίου ἀπεφασίσθη ὅπως ὑποβληθῇ εἰς τὴν Βουλὴν τὸ σχετικὸν νομοσχέδιον διὰ τοῦ ὁποίου ρυθμίζονται τὰ ζητήματα τῆς κυβερνήσεως καὶ τῆς ἀντιπολιτεύσεως ὡς καὶ ἄλλα θέματα ἐσωτερικῆς πολιτικῆς τὰ ὁποῖα ἀπασχολοῦν τὴν κοινὴν γνώμην ἀπὸ πολλοῦ χρόνου καὶ διὰ τὰ ὁποῖα ἔχουν ἐκφρασθῆ ἐπανειλημμένως ἀπόψεις ἐκ μέρους τῶν ἁρμοδίων παραγόντων τῆς χώρας

ΜΙΚΡΑΙ ΕΙΔΗΣΕΙΣ ΕΞ ΑΘΗΝΩΝ ΧΩΡΙΣ ΤΙΤΛΟΝ

ΑΘΗΝΑΙ, 7. (Τοῦ ἀνταπ. μας). κατὰ τὴν σημερινὴν συνεδρίασιν τοῦ ὑπουργικοῦ συμβουλίου ἀπεφασίσθη ὅπως ὑποβληθῇ εἰς τὴν Βουλὴν τὸ σχετικὸν νομοσχέδιον διὰ τοῦ ὁποίου ρυθμίζονται τὰ ζητήματα τῆς κυβερνήσεως καὶ τῆς ἀντιπολιτεύσεως ὡς καὶ ἄλλα θέματα ἐσωτερικῆς πολιτικῆς τὰ ὁποῖα ἀπασχολοῦν τὴν κοινὴν γνώμην ἀπὸ πολλοῦ χρόνου καὶ διὰ τὰ ὁποῖα ἔχουν ἐκφρασθῆ ἐπανειλημμένως ἀπόψεις ἐκ μέρους τῶν ἁρμοδίων παραγόντων τῆς χώρας

Μετὰ τοὺς δικηγόρους καὶ ἄλλους κλάδους
ΕΙΣ ΤΡΙΗΜΕΡΟΝ ΑΠΟΧΗΝ ΘΑ ΚΑΤΕΛΘΟΥΝ ΑΠΟ 21 ΜΕΧΡΙΣ 23 ΜΑΡΤΙΟΥ ΟΙ ΙΑΤΡΟΙ
Τὸ κατατεθὲν εἰς τὴν βουλὴν νομοσχέδιον
οὐδόλως ἐπιλύει τὰ ζητήματα αὐτῶν

ΑΘΗΝΑΙ, 7. — Τὸ συμβούλιον. κατὰ τὴν σημερινὴν συνεδρίασιν τοῦ ὑπουργικοῦ συμβουλίου ἀπεφασίσθη ὅπως ὑποβληθῇ εἰς τὴν Βουλὴν τὸ σχετικὸν νομοσχέδιον διὰ τοῦ ὁποίου ρυθμίζονται τὰ ζητήματα τῆς κυβερνήσεως καὶ τῆς ἀντιπολιτεύσεως ὡς καὶ ἄλλα θέματα ἐσωτερικῆς πολιτικῆς τὰ ὁποῖα ἀπασχολοῦν τὴν κοινὴν γνώμην ἀπὸ πολλοῦ χρόνου καὶ διὰ τὰ ὁποῖα ἔχουν ἐκφρασθῆ ἐπανειλημμένως ἀπόψεις ἐκ μέρους τῶν ἁρμοδίων παραγόντων τῆς χώρας

ΤΙ ΠΡΟΒΛΕΠΕΙ ΤΟ ΣΧΕΔΙΟΝ

κατὰ τὴν σημερινὴν συνεδρίασιν τοῦ ὑπουργικοῦ συμβουλίου ἀπεφασίσθη ὅπως ὑποβληθῇ εἰς τὴν Βουλὴν τὸ σχετικὸν νομοσχέδιον διὰ τοῦ ὁποίου ρυθμίζονται τὰ ζητήματα τῆς κυβερνήσεως καὶ τῆς ἀντιπολιτεύσεως ὡς καὶ ἄλλα θέματα ἐσωτερικῆς πολιτικῆς τὰ ὁποῖα ἀπασχολοῦν τὴν κοινὴν γνώμην ἀπὸ πολλοῦ χρόνου καὶ διὰ τὰ ὁποῖα ἔχουν ἐκφρασθῆ ἐπανειλημμένως ἀπόψεις ἐκ μέρους τῶν ἁρμοδίων παραγόντων τῆς χώρας

ΣΦΟΔΡΑ ΔΥΣΦΟΡΙΑ

κατὰ τὴν σημερινὴν συνεδρίασιν τοῦ ὑπουργικοῦ συμβουλίου ἀπεφασίσθη ὅπως ὑποβληθῇ εἰς τὴν Βουλὴν τὸ σχετικὸν νομοσχέδιον διὰ τοῦ ὁποίου ρυθμίζονται τὰ ζητήματα τῆς κυβερνήσεως καὶ τῆς ἀντιπολιτεύσεως ὡς καὶ ἄλλα θέματα ἐσωτερικῆς πολιτικῆς τὰ ὁποῖα ἀπασχολοῦν τὴν κοινὴν γνώμην ἀπὸ πολλοῦ χρόνου καὶ διὰ τὰ ὁποῖα ἔχουν ἐκφρασθῆ ἐπανειλημμένως ἀπόψεις ἐκ μέρους τῶν ἁρμοδίων παραγόντων τῆς χώρας
